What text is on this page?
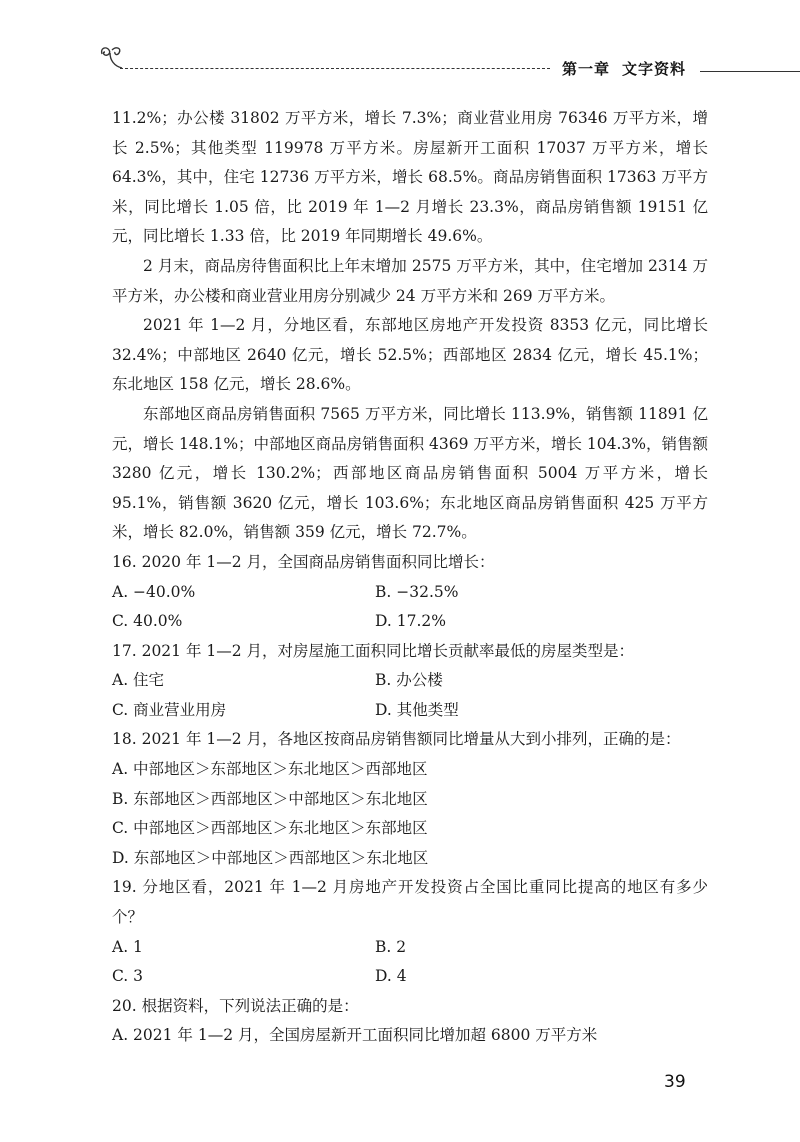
第一章 文字资料

11.2%；办公楼 31802 万平方米，增长 7.3%；商业营业用房 76346 万平方米，增长 2.5%；其他类型 119978 万平方米。房屋新开工面积 17037 万平方米，增长 64.3%，其中，住宅 12736 万平方米，增长 68.5%。商品房销售面积 17363 万平方米，同比增长 1.05 倍，比 2019 年 1—2 月增长 23.3%，商品房销售额 19151 亿元，同比增长 1.33 倍，比 2019 年同期增长 49.6%。

2 月末，商品房待售面积比上年末增加 2575 万平方米，其中，住宅增加 2314 万平方米，办公楼和商业营业用房分别减少 24 万平方米和 269 万平方米。

2021 年 1—2 月，分地区看，东部地区房地产开发投资 8353 亿元，同比增长 32.4%；中部地区 2640 亿元，增长 52.5%；西部地区 2834 亿元，增长 45.1%；东北地区 158 亿元，增长 28.6%。

东部地区商品房销售面积 7565 万平方米，同比增长 113.9%，销售额 11891 亿元，增长 148.1%；中部地区商品房销售面积 4369 万平方米，增长 104.3%，销售额 3280 亿元，增长 130.2%；西部地区商品房销售面积 5004 万平方米，增长 95.1%，销售额 3620 亿元，增长 103.6%；东北地区商品房销售面积 425 万平方米，增长 82.0%，销售额 359 亿元，增长 72.7%。

16. 2020 年 1—2 月，全国商品房销售面积同比增长：

A. −40.0%	B. −32.5%
C. 40.0%	D. 17.2%

17. 2021 年 1—2 月，对房屋施工面积同比增长贡献率最低的房屋类型是：

A. 住宅	B. 办公楼
C. 商业营业用房	D. 其他类型

18. 2021 年 1—2 月，各地区按商品房销售额同比增量从大到小排列，正确的是：

A. 中部地区＞东部地区＞东北地区＞西部地区

B. 东部地区＞西部地区＞中部地区＞东北地区

C. 中部地区＞西部地区＞东北地区＞东部地区

D. 东部地区＞中部地区＞西部地区＞东北地区

19. 分地区看，2021 年 1—2 月房地产开发投资占全国比重同比提高的地区有多少个？

A. 1	B. 2
C. 3	D. 4

20. 根据资料，下列说法正确的是：

A. 2021 年 1—2 月，全国房屋新开工面积同比增加超 6800 万平方米

39
